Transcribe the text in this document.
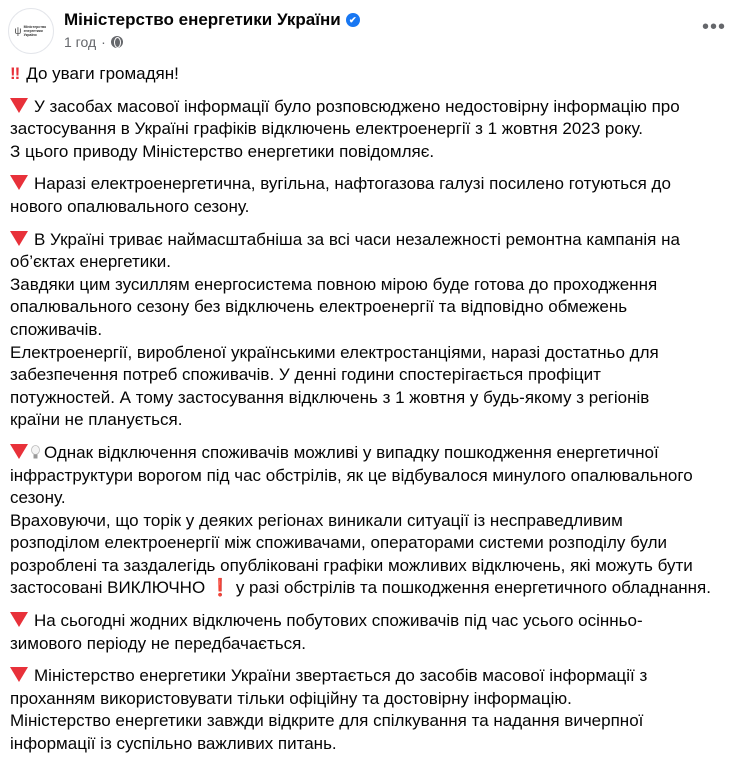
ψ Міністерство енергетики України
Міністерство енергетики України ✔
1 год ·
•••
‼ До уваги громадян!
У засобах масової інформації було розповсюджено недостовірну інформацію про
застосування в Україні графіків відключень електроенергії з 1 жовтня 2023 року.
З цього приводу Міністерство енергетики повідомляє.
Наразі електроенергетична, вугільна, нафтогазова галузі посилено готуються до
нового опалювального сезону.
В Україні триває наймасштабніша за всі часи незалежності ремонтна кампанія на
об’єктах енергетики.
Завдяки цим зусиллям енергосистема повною мірою буде готова до проходження
опалювального сезону без відключень електроенергії та відповідно обмежень
споживачів.
Електроенергії, виробленої українськими електростанціями, наразі достатньо для
забезпечення потреб споживачів. У денні години спостерігається профіцит
потужностей. А тому застосування відключень з 1 жовтня у будь-якому з регіонів
країни не планується.
Однак відключення споживачів можливі у випадку пошкодження енергетичної
інфраструктури ворогом під час обстрілів, як це відбувалося минулого опалювального
сезону.
Враховуючи, що торік у деяких регіонах виникали ситуації із несправедливим
розподілом електроенергії між споживачами, операторами системи розподілу були
розроблені та заздалегідь опубліковані графіки можливих відключень, які можуть бути
застосовані ВИКЛЮЧНО ❗ у разі обстрілів та пошкодження енергетичного обладнання.
На сьогодні жодних відключень побутових споживачів під час усього осінньо-
зимового періоду не передбачається.
Міністерство енергетики України звертається до засобів масової інформації з
проханням використовувати тільки офіційну та достовірну інформацію.
Міністерство енергетики завжди відкрите для спілкування та надання вичерпної
інформації із суспільно важливих питань.
